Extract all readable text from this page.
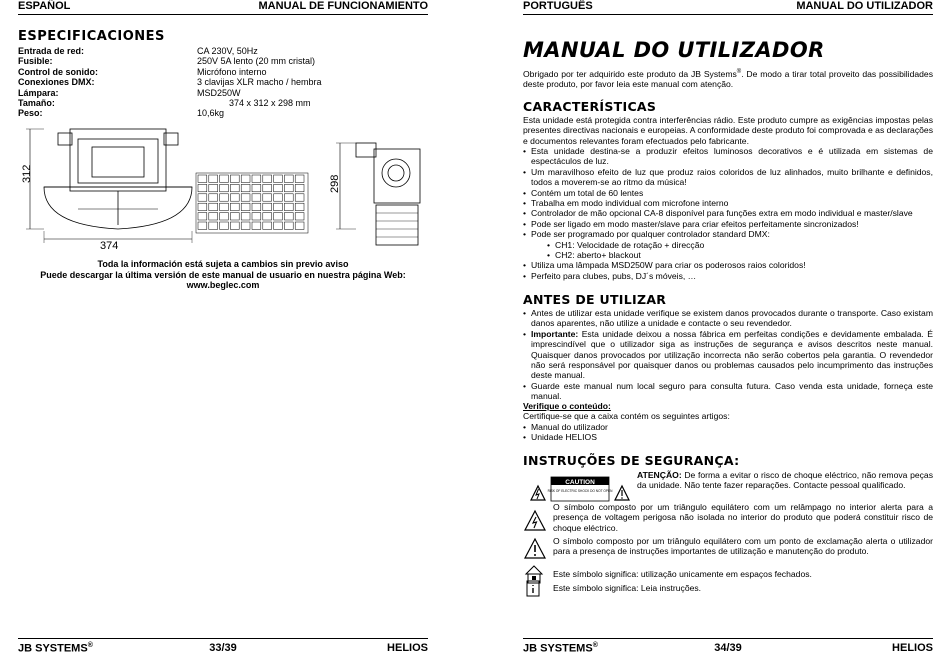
ESPAÑOL	MANUAL DE FUNCIONAMIENTO
ESPECIFICACIONES
Entrada de red:	CA 230V, 50Hz
Fusible:	250V 5A lento (20 mm cristal)
Control de sonido:	Micrófono interno
Conexiones DMX:	3 clavijas XLR macho / hembra
Lámpara:	MSD250W
Tamaño:	374 x 312 x 298 mm
Peso:	10,6kg
312
374
298
Toda la información está sujeta a cambios sin previo aviso
Puede descargar la última versión de este manual de usuario en nuestra página Web:
www.beglec.com
JB SYSTEMS®	33/39	HELIOS
PORTUGUÊS	MANUAL DO UTILIZADOR
MANUAL DO UTILIZADOR
Obrigado por ter adquirido este produto da JB Systems®. De modo a tirar total proveito das possibilidades deste produto, por favor leia este manual com atenção.
CARACTERÍSTICAS
Esta unidade está protegida contra interferências rádio. Este produto cumpre as exigências impostas pelas presentes directivas nacionais e europeias. A conformidade deste produto foi comprovada e as declarações e documentos relevantes foram efectuados pelo fabricante.
• Esta unidade destina-se a produzir efeitos luminosos decorativos e é utilizada em sistemas de espectáculos de luz.
• Um maravilhoso efeito de luz que produz raios coloridos de luz alinhados, muito brilhante e definidos, todos a moverem-se ao ritmo da música!
• Contém um total de 60 lentes
• Trabalha em modo individual com microfone interno
• Controlador de mão opcional CA-8 disponível para funções extra em modo individual e master/slave
• Pode ser ligado em modo master/slave para criar efeitos perfeitamente sincronizados!
• Pode ser programado por qualquer controlador standard DMX:
• CH1: Velocidade de rotação + direcção
• CH2: aberto+ blackout
• Utiliza uma lâmpada MSD250W para criar os poderosos raios coloridos!
• Perfeito para clubes, pubs, DJ´s móveis, …
ANTES DE UTILIZAR
• Antes de utilizar esta unidade verifique se existem danos provocados durante o transporte. Caso existam danos aparentes, não utilize a unidade e contacte o seu revendedor.
• Importante: Esta unidade deixou a nossa fábrica em perfeitas condições e devidamente embalada. É imprescindível que o utilizador siga as instruções de segurança e avisos descritos neste manual. Quaisquer danos provocados por utilização incorrecta não serão cobertos pela garantia. O revendedor não será responsável por quaisquer danos ou problemas causados pelo incumprimento das instruções deste manual.
• Guarde este manual num local seguro para consulta futura. Caso venda esta unidade, forneça este manual.
Verifique o conteúdo:
Certifique-se que a caixa contém os seguintes artigos:
• Manual do utilizador
• Unidade HELIOS
INSTRUÇÕES DE SEGURANÇA:
CAUTION
RISK OF ELECTRIC SHOCK DO NOT OPEN
ATENÇÃO: De forma a evitar o risco de choque eléctrico, não remova peças da unidade. Não tente fazer reparações. Contacte pessoal qualificado.
O símbolo composto por um triângulo equilátero com um relâmpago no interior alerta para a presença de voltagem perigosa não isolada no interior do produto que poderá constituir risco de choque eléctrico.
O símbolo composto por um triângulo equilátero com um ponto de exclamação alerta o utilizador para a presença de instruções importantes de utilização e manutenção do produto.
Este símbolo significa: utilização unicamente em espaços fechados.
Este símbolo significa: Leia instruções.
JB SYSTEMS®	34/39	HELIOS
